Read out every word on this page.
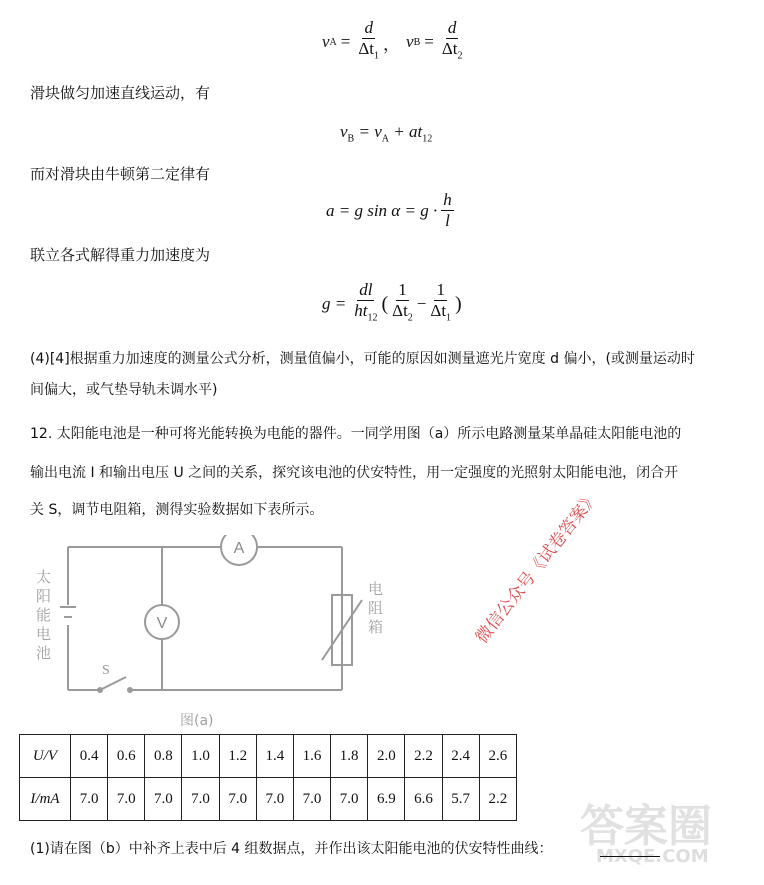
v $A = \frac{d}{\Delta t_1}$ ， v $B = \frac{d}{\Delta t_2}$
滑块做匀加速直线运动，有
$v_B = v_A + at_{12}$
而对滑块由牛顿第二定律有
a = g $\sin \alpha = g \cdot \frac{h}{l}$
联立各式解得重力加速度为
$g = \frac{dl}{ht_{12}}$ ( $\frac{1}{\Delta t_2} - \frac{1}{\Delta t_1}$ )
(4)[4]根据重力加速度的测量公式分析，测量值偏小，可能的原因如测量遮光片宽度 d 偏小，(或测量运动时
间偏大，或气垫导轨未调水平)
12. 太阳能电池是一种可将光能转换为电能的器件。一同学用图（a）所示电路测量某单晶硅太阳能电池的
输出电流 I 和输出电压 U 之间的关系，探究该电池的伏安特性，用一定强度的光照射太阳能电池，闭合开
关 S，调节电阻箱，测得实验数据如下表所示。	微信公众号《试卷答案》
A
V
S
图(a)
太阳能电池
电阻箱
U/V	0.4	0.6	0.8	1.0	1.2	1.4	1.6	1.8	2.0	2.2	2.4	2.6
I/mA	7.0	7.0	7.0	7.0	7.0	7.0	7.0	7.0	6.9	6.6	5.7	2.2
答案圈
MXQE.COM
(1)请在图（b）中补齐上表中后 4 组数据点，并作出该太阳能电池的伏安特性曲线：
